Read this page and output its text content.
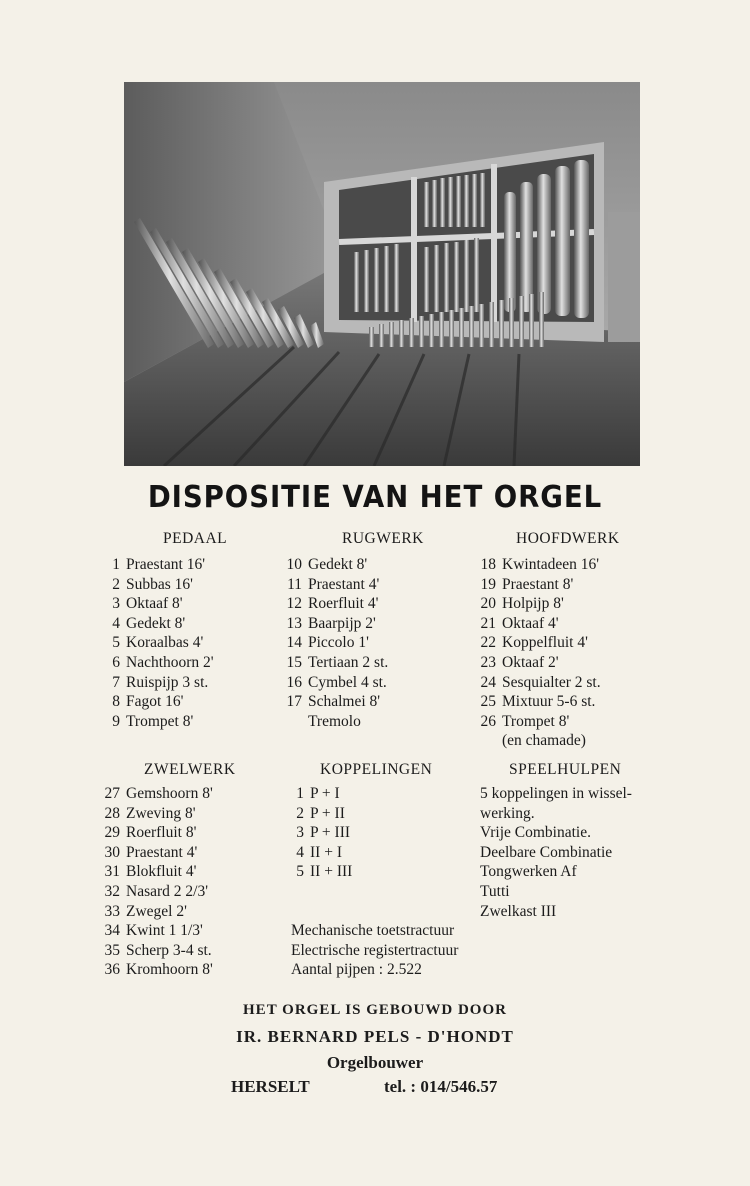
DISPOSITIE VAN HET ORGEL
PEDAAL
1 Praestant 16'
2 Subbas 16'
3 Oktaaf 8'
4 Gedekt 8'
5 Koraalbas 4'
6 Nachthoorn 2'
7 Ruispijp 3 st.
8 Fagot 16'
9 Trompet 8'
RUGWERK
10 Gedekt 8'
11 Praestant 4'
12 Roerfluit 4'
13 Baarpijp 2'
14 Piccolo 1'
15 Tertiaan 2 st.
16 Cymbel 4 st.
17 Schalmei 8'
Tremolo
HOOFDWERK
18 Kwintadeen 16'
19 Praestant 8'
20 Holpijp 8'
21 Oktaaf 4'
22 Koppelfluit 4'
23 Oktaaf 2'
24 Sesquialter 2 st.
25 Mixtuur 5-6 st.
26 Trompet 8'
(en chamade)
ZWELWERK
27 Gemshoorn 8'
28 Zweving 8'
29 Roerfluit 8'
30 Praestant 4'
31 Blokfluit 4'
32 Nasard 2 2/3'
33 Zwegel 2'
34 Kwint 1 1/3'
35 Scherp 3-4 st.
36 Kromhoorn 8'
KOPPELINGEN
1 P + I
2 P + II
3 P + III
4 II + I
5 II + III
SPEELHULPEN
5 koppelingen in wissel-
werking.
Vrije Combinatie.
Deelbare Combinatie
Tongwerken Af
Tutti
Zwelkast III
Mechanische toetstractuur
Electrische registertractuur
Aantal pijpen : 2.522
HET ORGEL IS GEBOUWD DOOR
IR. BERNARD PELS - D'HONDT
Orgelbouwer
HERSELT	tel. : 014/546.57
